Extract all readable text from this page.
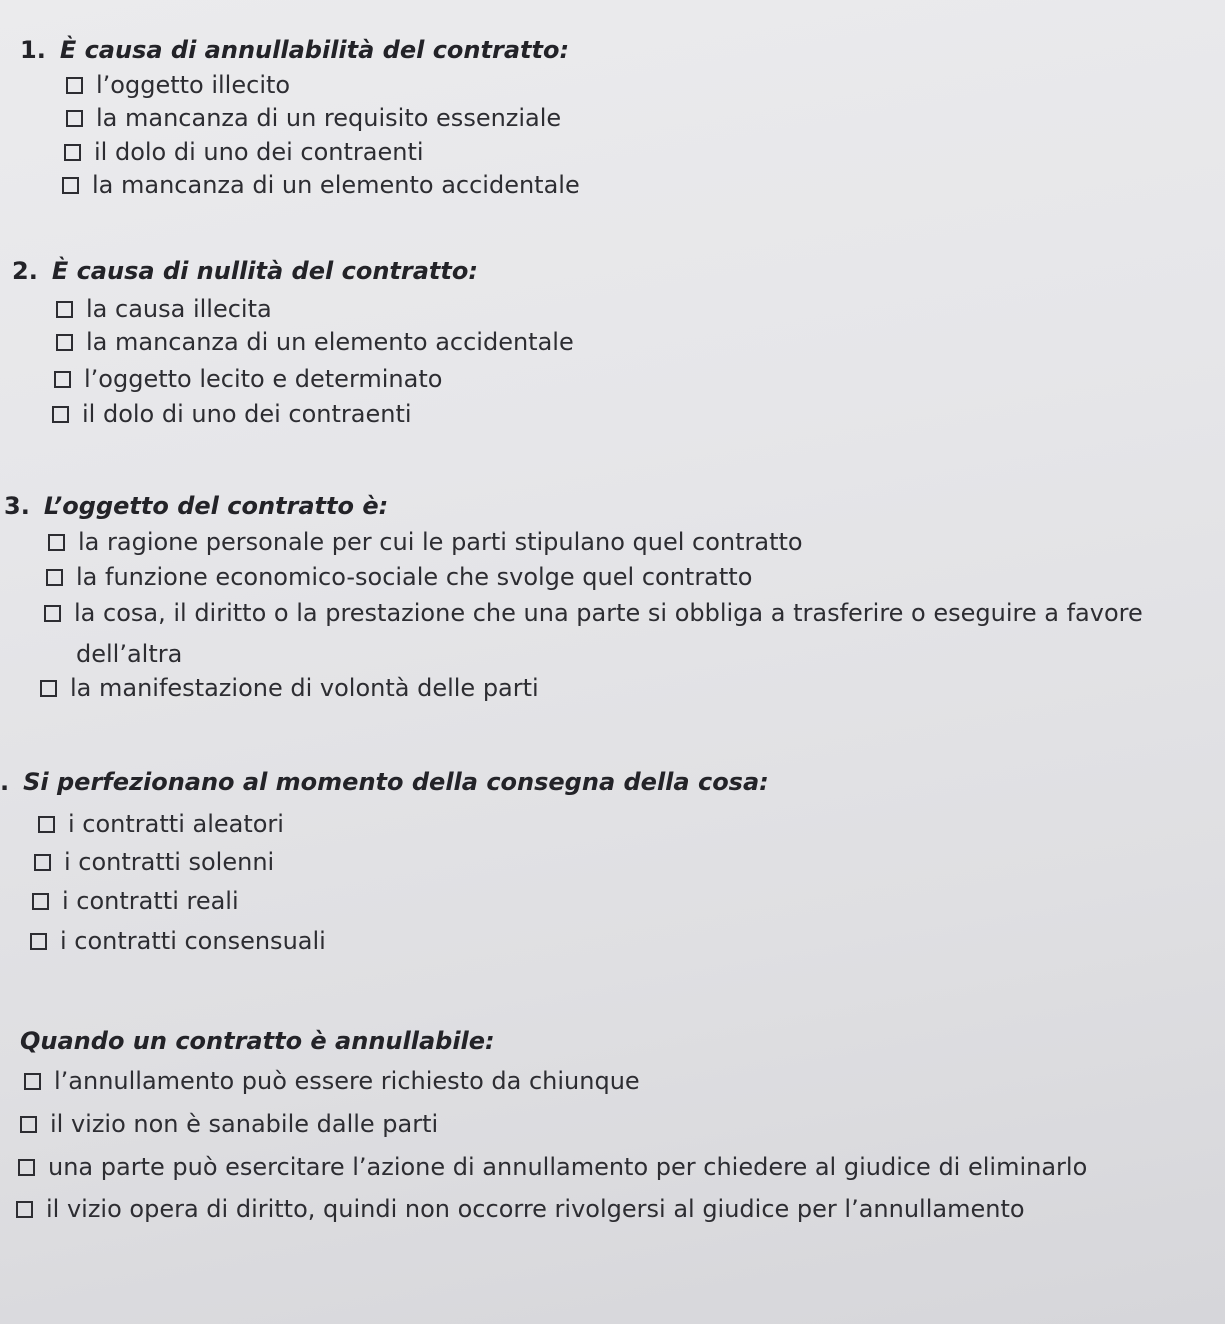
1. È causa di annullabilità del contratto:
l’oggetto illecito
la mancanza di un requisito essenziale
il dolo di uno dei contraenti
la mancanza di un elemento accidentale
2. È causa di nullità del contratto:
la causa illecita
la mancanza di un elemento accidentale
l’oggetto lecito e determinato
il dolo di uno dei contraenti
3. L’oggetto del contratto è:
la ragione personale per cui le parti stipulano quel contratto
la funzione economico-sociale che svolge quel contratto
la cosa, il diritto o la prestazione che una parte si obbliga a trasferire o eseguire a favore
dell’altra
la manifestazione di volontà delle parti
. Si perfezionano al momento della consegna della cosa:
i contratti aleatori
i contratti solenni
i contratti reali
i contratti consensuali
Quando un contratto è annullabile:
l’annullamento può essere richiesto da chiunque
il vizio non è sanabile dalle parti
una parte può esercitare l’azione di annullamento per chiedere al giudice di eliminarlo
il vizio opera di diritto, quindi non occorre rivolgersi al giudice per l’annullamento
